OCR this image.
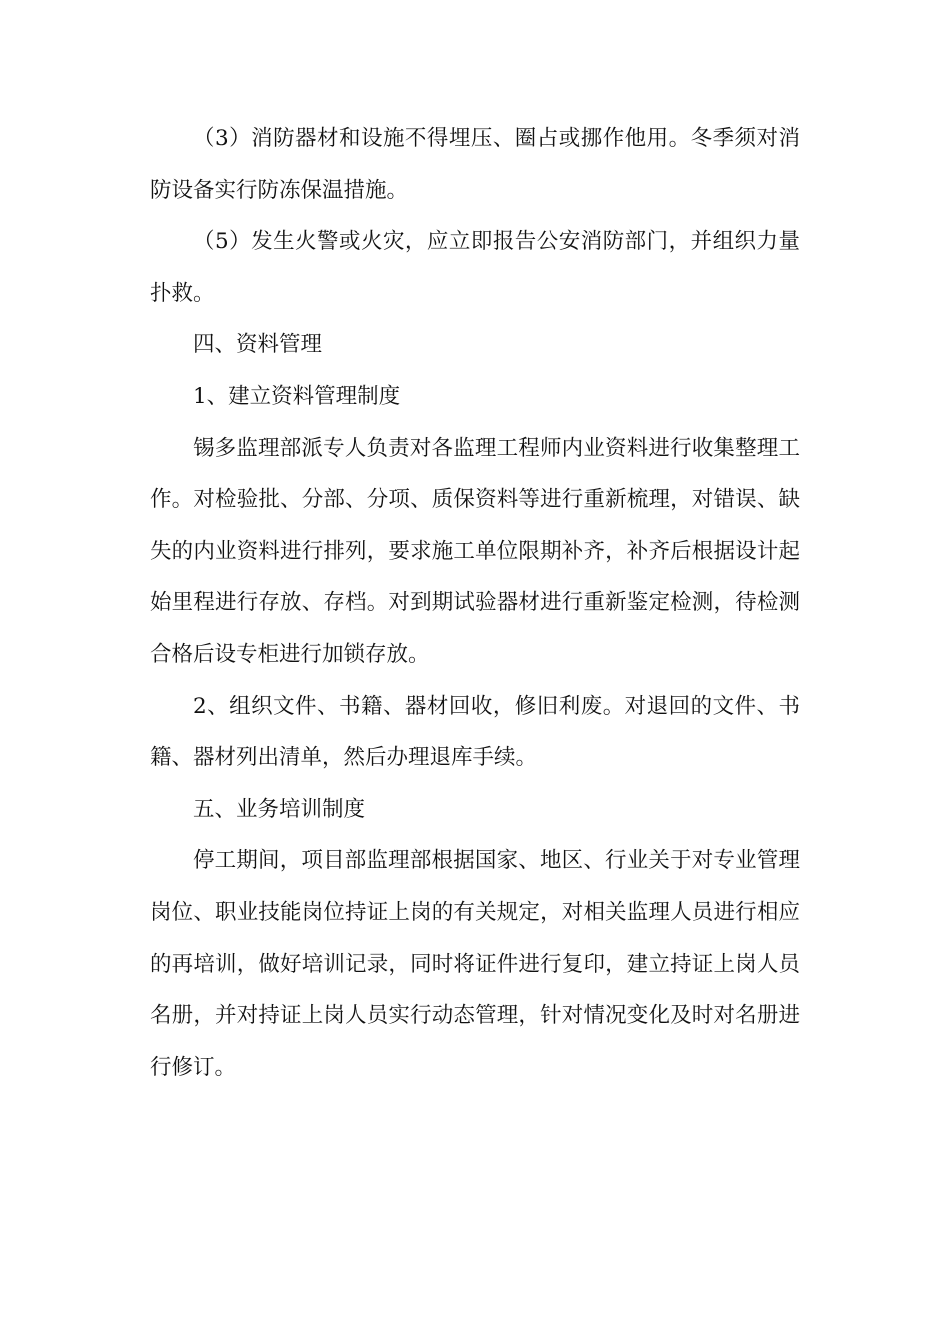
（3）消防器材和设施不得埋压、圈占或挪作他用。冬季须对消防设备实行防冻保温措施。

（5）发生火警或火灾，应立即报告公安消防部门，并组织力量扑救。

四、资料管理

1、建立资料管理制度

锡多监理部派专人负责对各监理工程师内业资料进行收集整理工作。对检验批、分部、分项、质保资料等进行重新梳理，对错误、缺失的内业资料进行排列，要求施工单位限期补齐，补齐后根据设计起始里程进行存放、存档。对到期试验器材进行重新鉴定检测，待检测合格后设专柜进行加锁存放。

2、组织文件、书籍、器材回收，修旧利废。对退回的文件、书籍、器材列出清单，然后办理退库手续。

五、业务培训制度

停工期间，项目部监理部根据国家、地区、行业关于对专业管理岗位、职业技能岗位持证上岗的有关规定，对相关监理人员进行相应的再培训，做好培训记录，同时将证件进行复印，建立持证上岗人员名册，并对持证上岗人员实行动态管理，针对情况变化及时对名册进行修订。
